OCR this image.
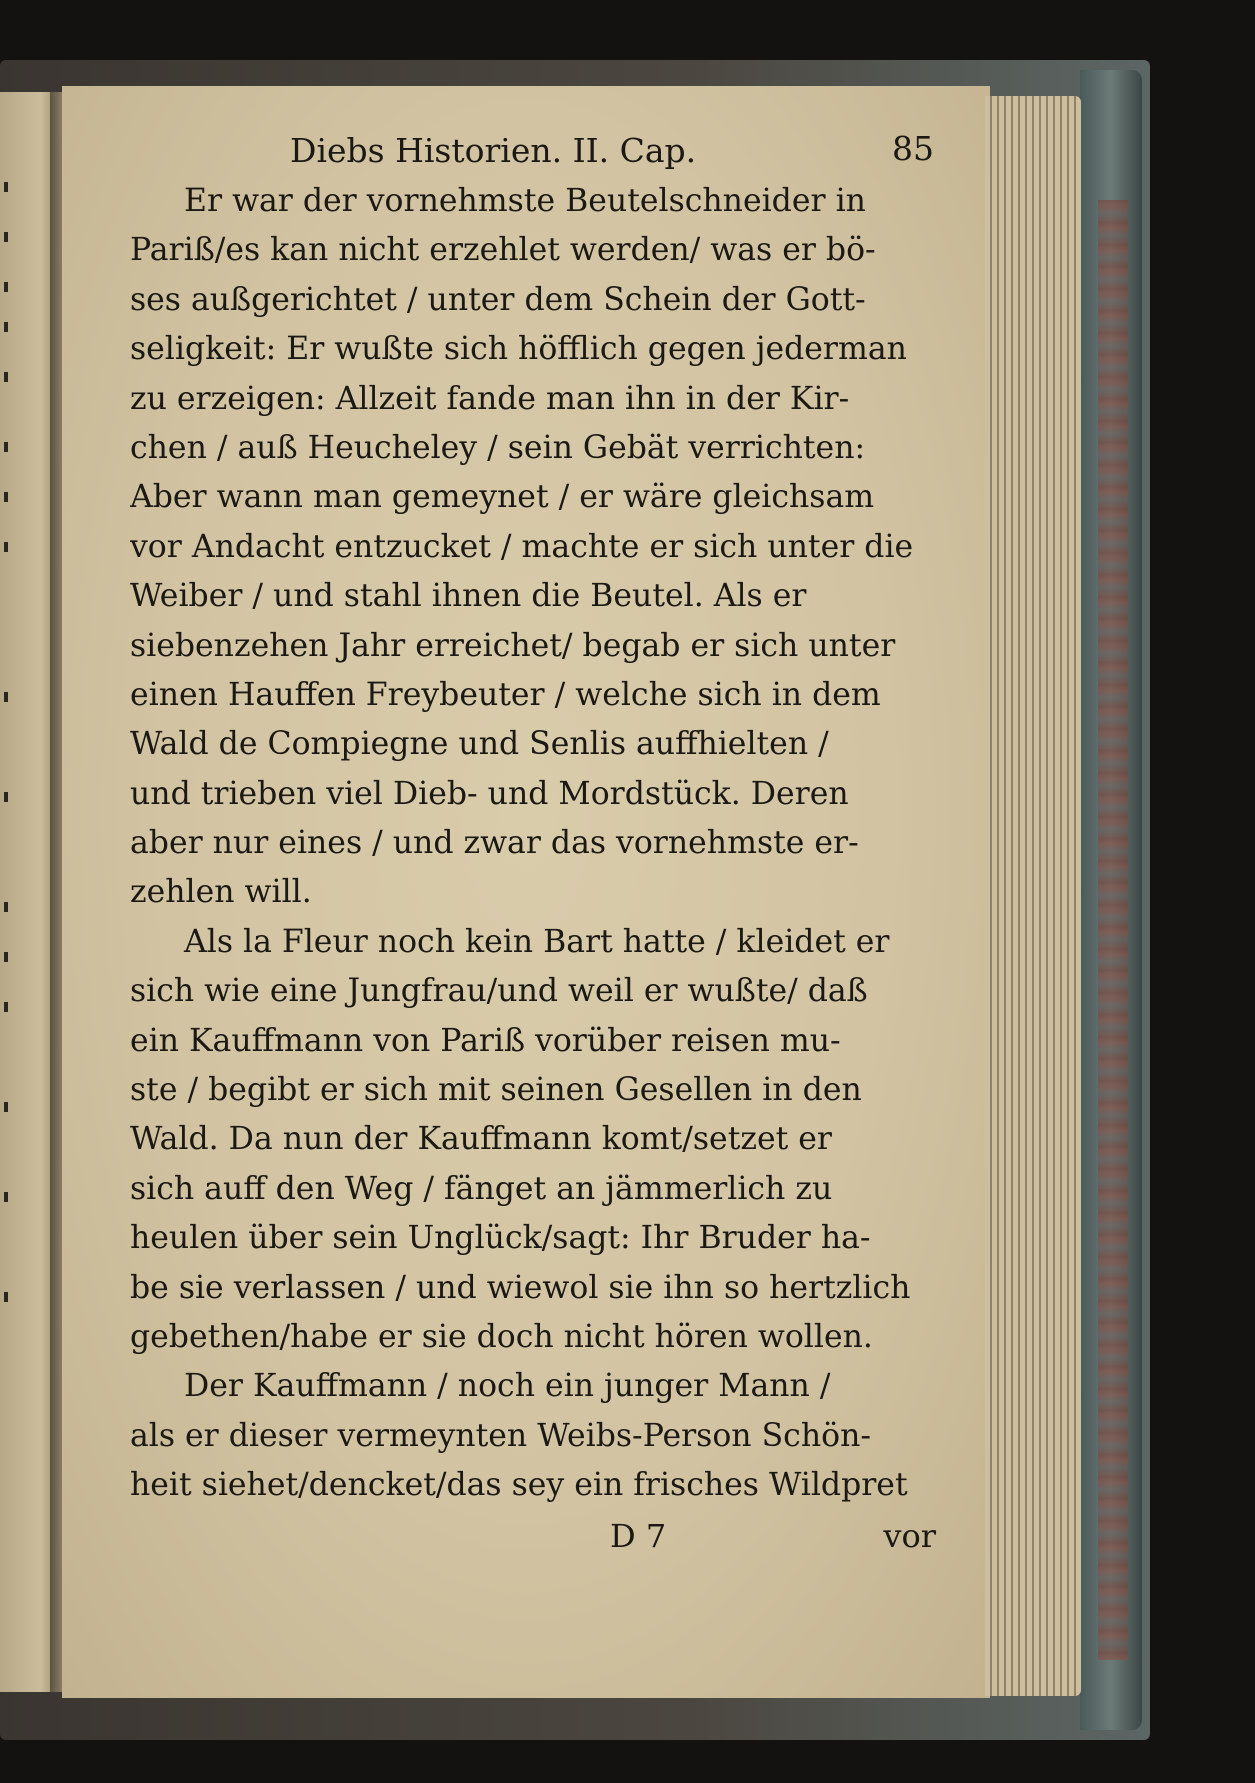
Diebs Historien. II. Cap.	85
Er war der vornehmste Beutelschneider in
Pariß/es kan nicht erzehlet werden/ was er bö-
ses außgerichtet / unter dem Schein der Gott-
seligkeit: Er wußte sich höfflich gegen jederman
zu erzeigen: Allzeit fande man ihn in der Kir-
chen / auß Heucheley / sein Gebät verrichten:
Aber wann man gemeynet / er wäre gleichsam
vor Andacht entzucket / machte er sich unter die
Weiber / und stahl ihnen die Beutel. Als er
siebenzehen Jahr erreichet/ begab er sich unter
einen Hauffen Freybeuter / welche sich in dem
Wald de Compiegne und Senlis auffhielten /
und trieben viel Dieb- und Mordstück. Deren
aber nur eines / und zwar das vornehmste er-
zehlen will.
Als la Fleur noch kein Bart hatte / kleidet er
sich wie eine Jungfrau/und weil er wußte/ daß
ein Kauffmann von Pariß vorüber reisen mu-
ste / begibt er sich mit seinen Gesellen in den
Wald. Da nun der Kauffmann komt/setzet er
sich auff den Weg / fänget an jämmerlich zu
heulen über sein Unglück/sagt: Ihr Bruder ha-
be sie verlassen / und wiewol sie ihn so hertzlich
gebethen/habe er sie doch nicht hören wollen.
Der Kauffmann / noch ein junger Mann /
als er dieser vermeynten Weibs-Person Schön-
heit siehet/dencket/das sey ein frisches Wildpret
D 7	vor
